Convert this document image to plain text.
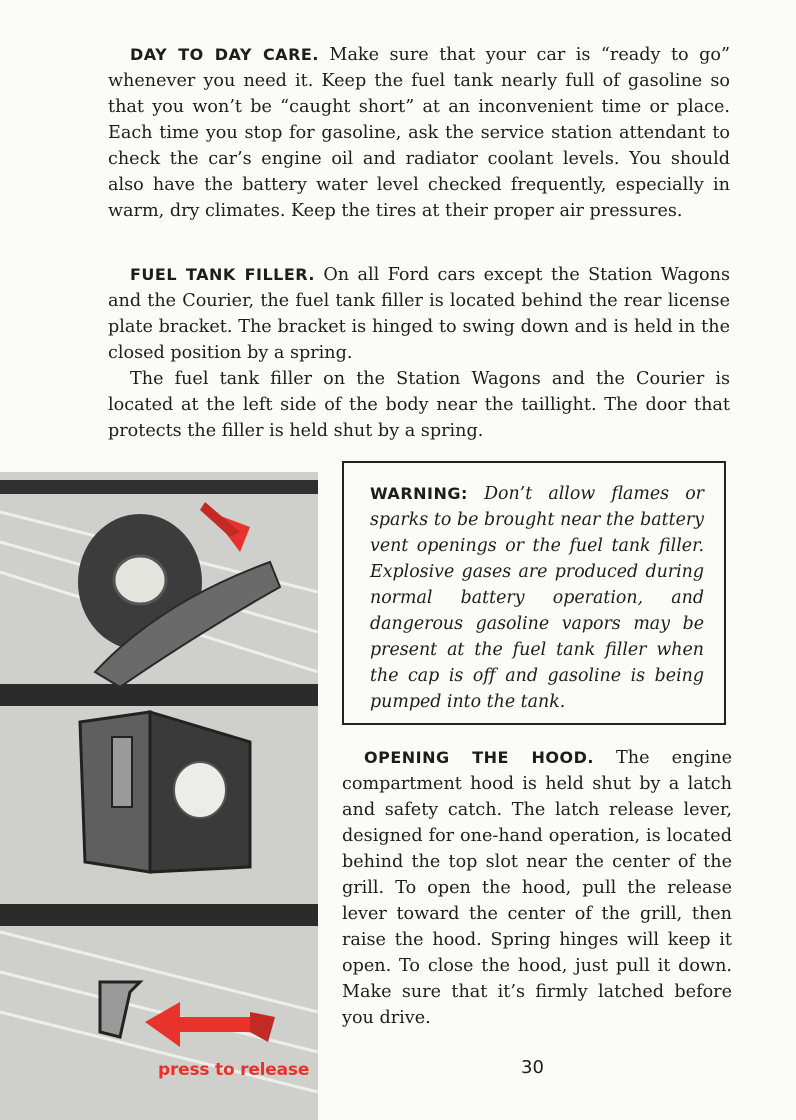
DAY TO DAY CARE. Make sure that your car is “ready to go” whenever you need it. Keep the fuel tank nearly full of gasoline so that you won’t be “caught short” at an inconvenient time or place. Each time you stop for gasoline, ask the service station attendant to check the car’s engine oil and radiator coolant levels. You should also have the battery water level checked frequently, especially in warm, dry climates. Keep the tires at their proper air pressures.

FUEL TANK FILLER. On all Ford cars except the Station Wagons and the Courier, the fuel tank filler is located behind the rear license plate bracket. The bracket is hinged to swing down and is held in the closed position by a spring.

The fuel tank filler on the Station Wagons and the Courier is located at the left side of the body near the taillight. The door that protects the filler is held shut by a spring.

press to release
WARNING: Don’t allow flames or sparks to be brought near the battery vent openings or the fuel tank filler. Explosive gases are produced during normal battery operation, and dangerous gasoline vapors may be present at the fuel tank filler when the cap is off and gasoline is being pumped into the tank.

OPENING THE HOOD. The engine compartment hood is held shut by a latch and safety catch. The latch release lever, designed for one-hand operation, is located behind the top slot near the center of the grill. To open the hood, pull the release lever toward the center of the grill, then raise the hood. Spring hinges will keep it open. To close the hood, just pull it down. Make sure that it’s firmly latched before you drive.

30
